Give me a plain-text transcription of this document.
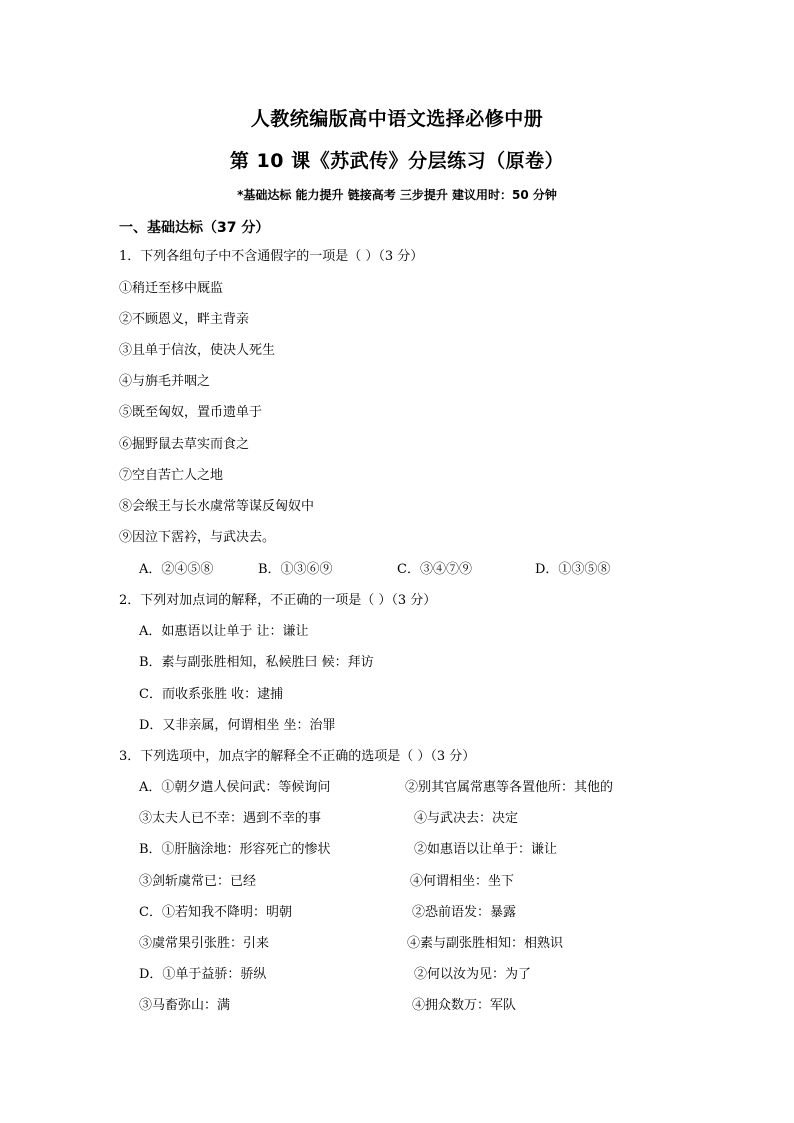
人教统编版高中语文选择必修中册
第 10 课《苏武传》分层练习（原卷）
*基础达标 能力提升 链接高考 三步提升 建议用时：50 分钟
一、基础达标（37 分）
1．下列各组句子中不含通假字的一项是（ ）（3 分）
①稍迁至栘中厩监
②不顾恩义，畔主背亲
③且单于信汝，使决人死生
④与旃毛并咽之
⑤既至匈奴，置币遗单于
⑥掘野鼠去草实而食之
⑦空自苦亡人之地
⑧会缑王与长水虞常等谋反匈奴中
⑨因泣下霑衿，与武决去。
A．②④⑤⑧	B．①③⑥⑨	C．③④⑦⑨	D．①③⑤⑧
2．下列对加点词的解释，不正确的一项是（ ）（3 分）
A．如惠语以让单于 让：谦让
B．素与副张胜相知，私候胜曰 候：拜访
C．而收系张胜 收：逮捕
D．又非亲属，何谓相坐 坐：治罪
3．下列选项中，加点字的解释全不正确的选项是（ ）（3 分）
A．①朝夕遣人侯问武：等候询问	②别其官属常惠等各置他所：其他的
③太夫人已不幸：遇到不幸的事	④与武决去：决定
B．①肝脑涂地：形容死亡的惨状	②如惠语以让单于：谦让
③剑斩虞常已：已经	④何谓相坐：坐下
C．①若知我不降明：明朝	②恐前语发：暴露
③虞常果引张胜：引来	④素与副张胜相知：相熟识
D．①单于益骄：骄纵	②何以汝为见：为了
③马畜弥山：满	④拥众数万：军队
